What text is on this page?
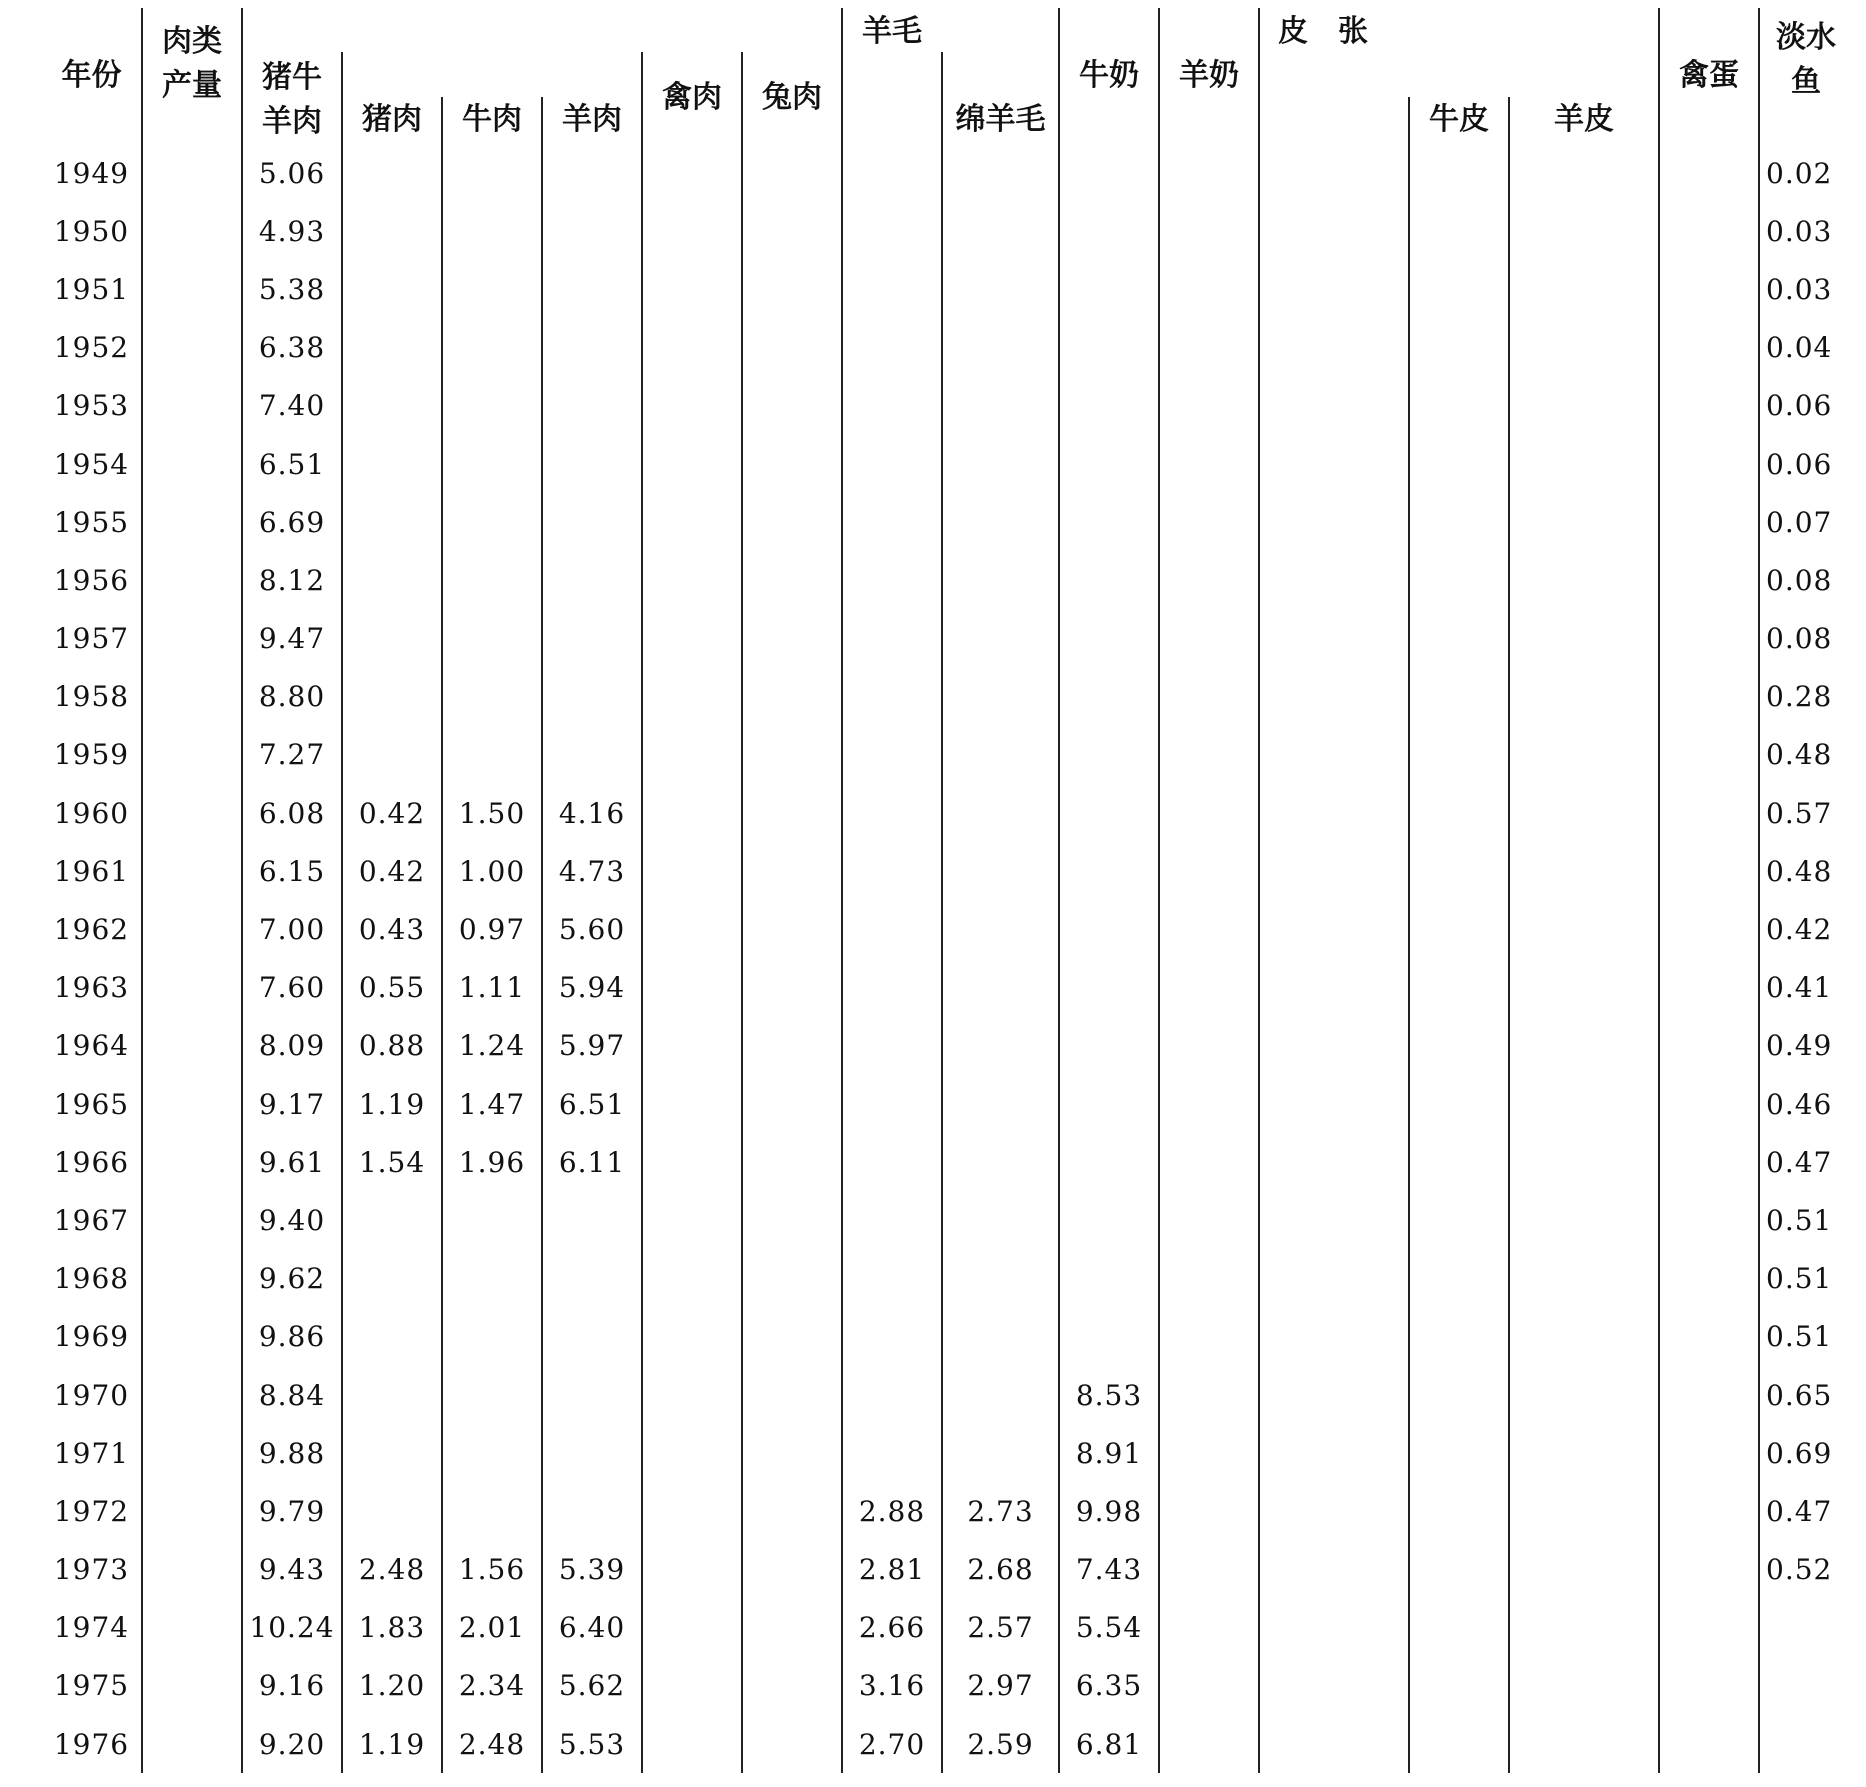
年份	肉类
产量									牛奶	羊奶				禽蛋	淡水
鱼

		猪牛
羊肉				禽肉	兔肉	羊毛				皮　张				

			猪肉	牛肉	羊肉				绵羊毛				牛皮	羊皮		
1949		5.06														0.02
1950		4.93														0.03
1951		5.38														0.03
1952		6.38														0.04
1953		7.40														0.06
1954		6.51														0.06
1955		6.69														0.07
1956		8.12														0.08
1957		9.47														0.08
1958		8.80														0.28
1959		7.27														0.48
1960		6.08	0.42	1.50	4.16											0.57
1961		6.15	0.42	1.00	4.73											0.48
1962		7.00	0.43	0.97	5.60											0.42
1963		7.60	0.55	1.11	5.94											0.41
1964		8.09	0.88	1.24	5.97											0.49
1965		9.17	1.19	1.47	6.51											0.46
1966		9.61	1.54	1.96	6.11											0.47
1967		9.40														0.51
1968		9.62														0.51
1969		9.86														0.51
1970		8.84								8.53						0.65
1971		9.88								8.91						0.69
1972		9.79						2.88	2.73	9.98						0.47
1973		9.43	2.48	1.56	5.39			2.81	2.68	7.43						0.52
1974		10.24	1.83	2.01	6.40			2.66	2.57	5.54						
1975		9.16	1.20	2.34	5.62			3.16	2.97	6.35						
1976		9.20	1.19	2.48	5.53			2.70	2.59	6.81						
